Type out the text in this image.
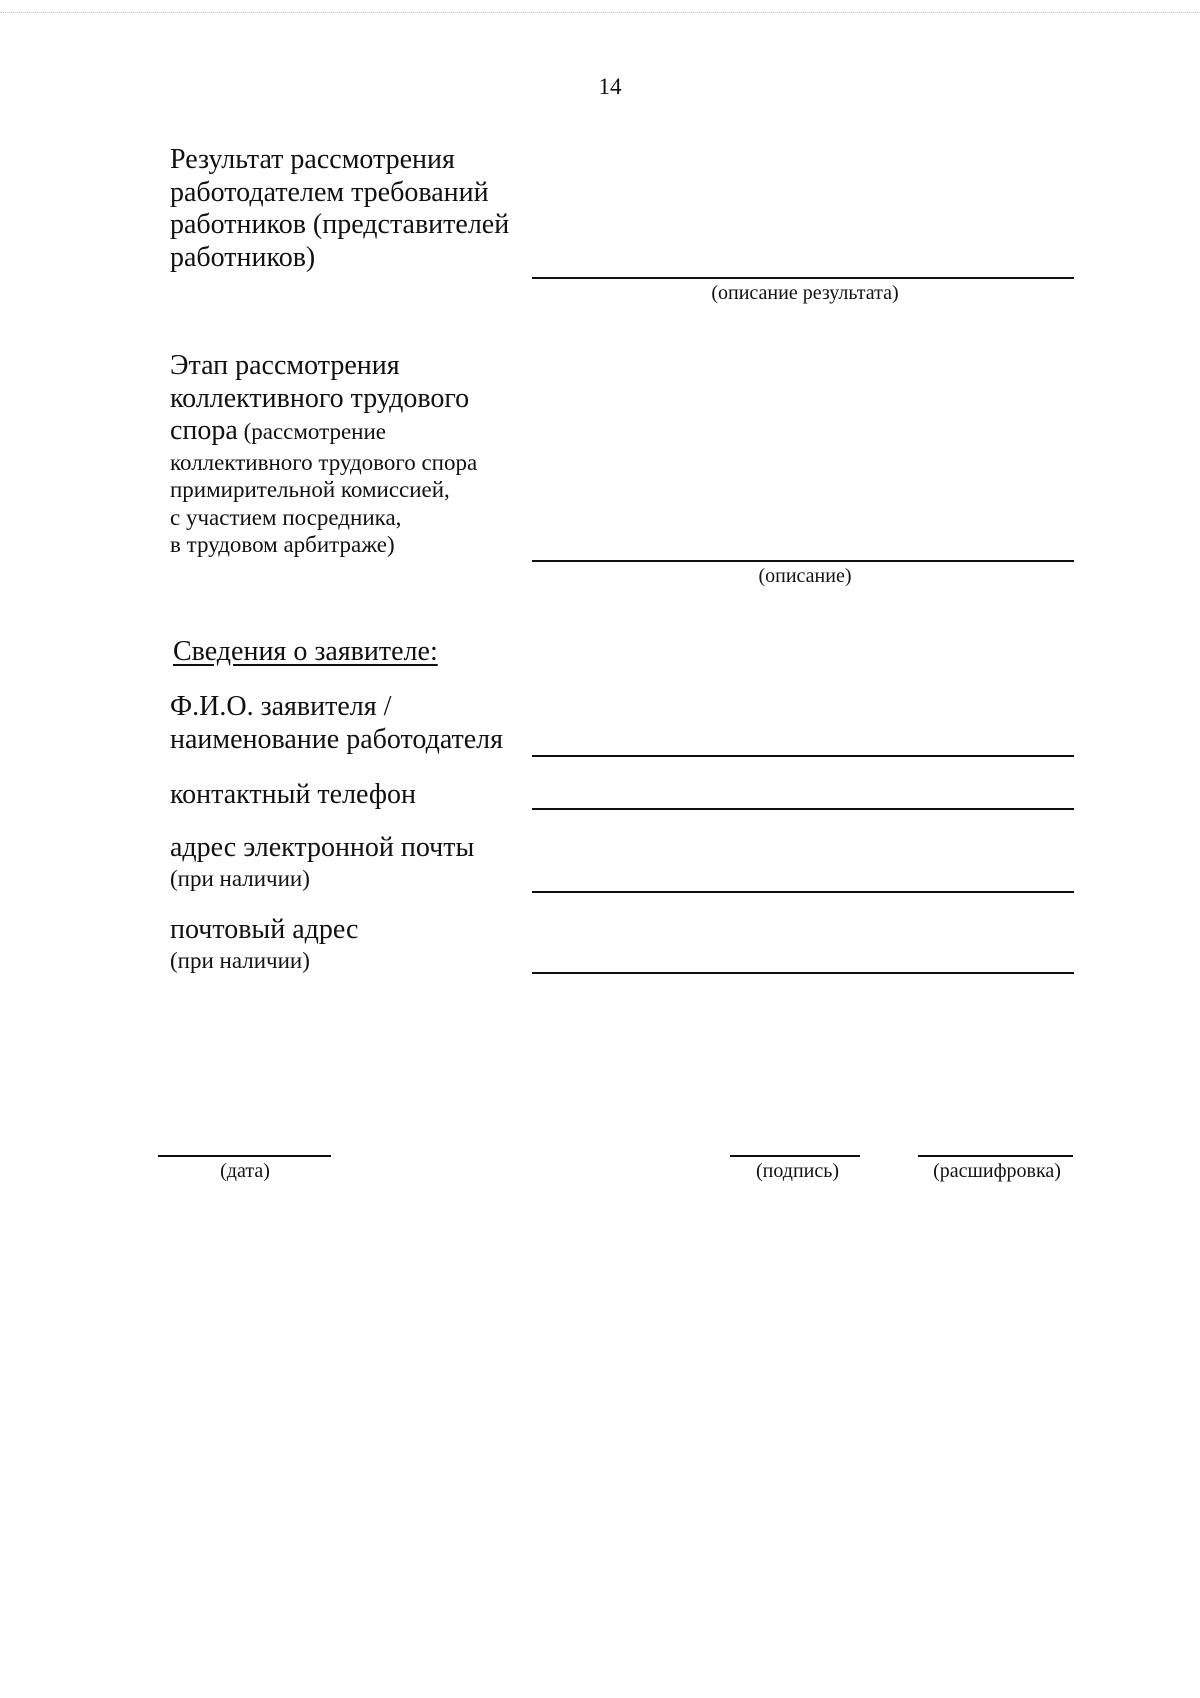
14
Результат рассмотрения
работодателем требований
работников (представителей
работников)
(описание результата)
Этап рассмотрения
коллективного трудового
спора (рассмотрение
коллективного трудового спора
примирительной комиссией,
с участием посредника,
в трудовом арбитраже)
(описание)
Сведения о заявителе:
Ф.И.О. заявителя /
наименование работодателя
контактный телефон
адрес электронной почты
(при наличии)
почтовый адрес
(при наличии)
(дата)	(подпись)	(расшифровка)
